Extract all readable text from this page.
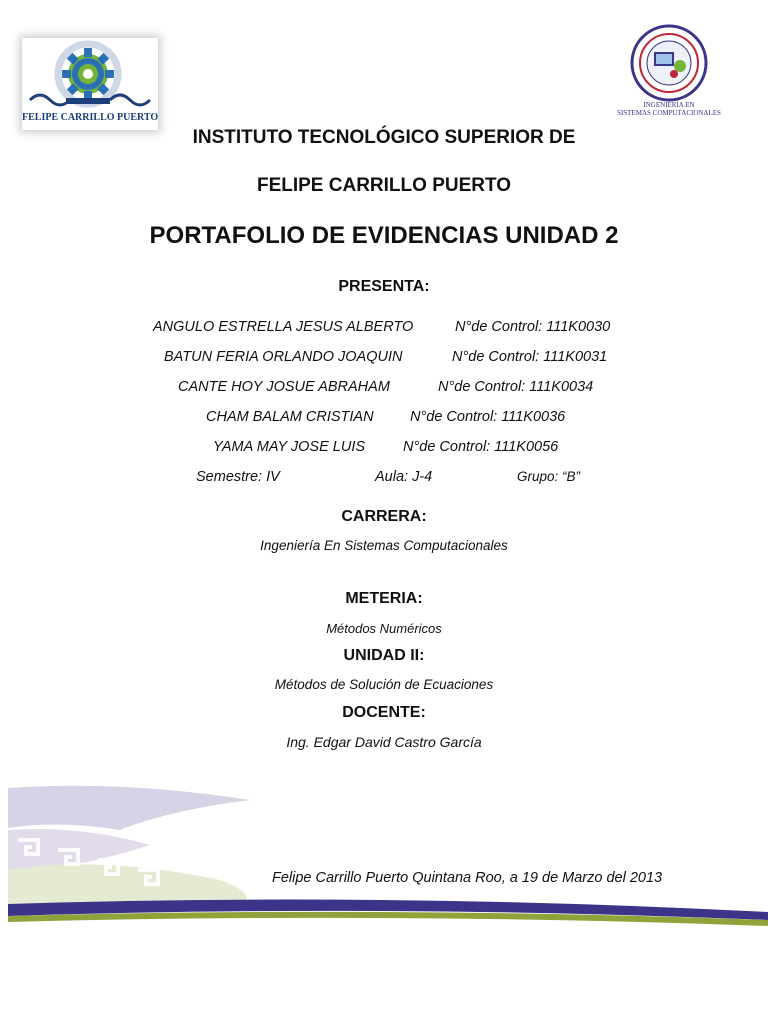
FELIPE CARRILLO PUERTO
INGENIERÍA EN
SISTEMAS COMPUTACIONALES
INSTITUTO TECNOLÓGICO SUPERIOR DE
FELIPE CARRILLO PUERTO
PORTAFOLIO DE EVIDENCIAS UNIDAD 2
PRESENTA:
ANGULO ESTRELLA JESUS ALBERTO	N°de Control: 111K0030
BATUN FERIA ORLANDO JOAQUIN	N°de Control: 111K0031
CANTE HOY JOSUE ABRAHAM	N°de Control: 111K0034
CHAM BALAM CRISTIAN	N°de Control: 111K0036
YAMA MAY JOSE LUIS	N°de Control: 111K0056
Semestre: IV	Aula: J-4	Grupo: “B”
CARRERA:
Ingeniería En Sistemas Computacionales
METERIA:
Métodos Numéricos
UNIDAD II:
Métodos de Solución de Ecuaciones
DOCENTE:
Ing. Edgar David Castro García
Felipe Carrillo Puerto Quintana Roo, a 19 de Marzo del 2013
